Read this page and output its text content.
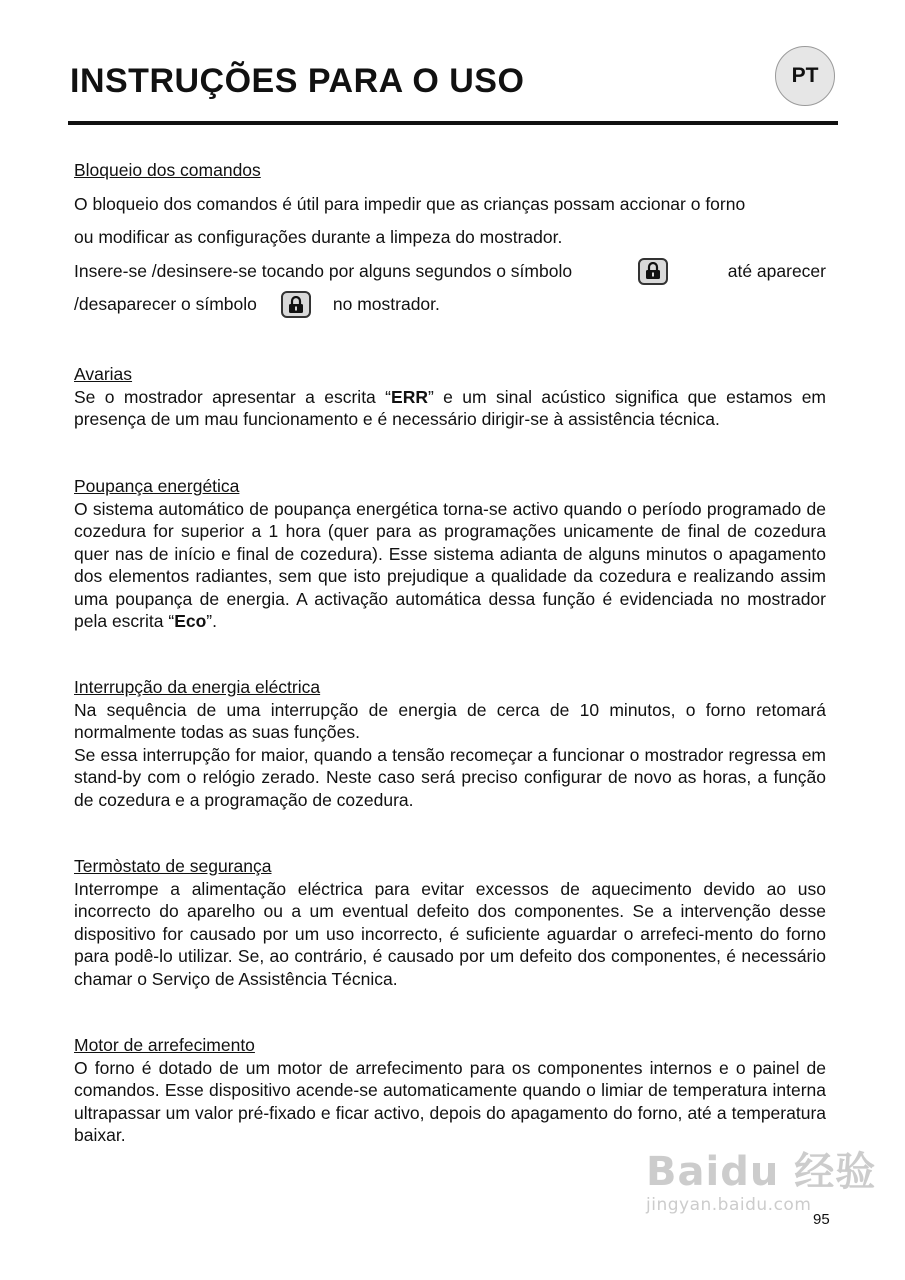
INSTRUÇÕES PARA O USO	PT

Bloqueio dos comandos

O bloqueio dos comandos é útil para impedir que as crianças possam accionar o forno

ou modificar as configurações durante a limpeza do mostrador.

Insere-se /desinsere-se tocando por alguns segundos o símbolo	até aparecer
/desaparecer o símbolo	no mostrador.

Avarias

Se o mostrador apresentar a escrita “ERR” e um sinal acústico significa que estamos em presença de um mau funcionamento e é necessário dirigir-se à assistência técnica.

Poupança energética

O sistema automático de poupança energética torna-se activo quando o período programado de cozedura for superior a 1 hora (quer para as programações unicamente de final de cozedura quer nas de início e final de cozedura). Esse sistema adianta de alguns minutos o apagamento dos elementos radiantes, sem que isto prejudique a qualidade da cozedura e realizando assim uma poupança de energia. A activação automática dessa função é evidenciada no mostrador pela escrita “Eco”.

Interrupção da energia eléctrica

Na sequência de uma interrupção de energia de cerca de 10 minutos, o forno retomará normalmente todas as suas funções.

Se essa interrupção for maior, quando a tensão recomeçar a funcionar o mostrador regressa em stand-by com o relógio zerado. Neste caso será preciso configurar de novo as horas, a função de cozedura e a programação de cozedura.

Termòstato de segurança

Interrompe a alimentação eléctrica para evitar excessos de aquecimento devido ao uso incorrecto do aparelho ou a um eventual defeito dos componentes. Se a intervenção desse dispositivo for causado por um uso incorrecto, é suficiente aguardar o arrefeci-mento do forno para podê-lo utilizar. Se, ao contrário, é causado por um defeito dos componentes, é necessário chamar o Serviço de Assistência Técnica.

Motor de arrefecimento

O forno é dotado de um motor de arrefecimento para os componentes internos e o painel de comandos. Esse dispositivo acende-se automaticamente quando o limiar de temperatura interna ultrapassar um valor pré-fixado e ficar activo, depois do apagamento do forno, até a temperatura baixar.

Baidu 经验
jingyan.baidu.com
95
